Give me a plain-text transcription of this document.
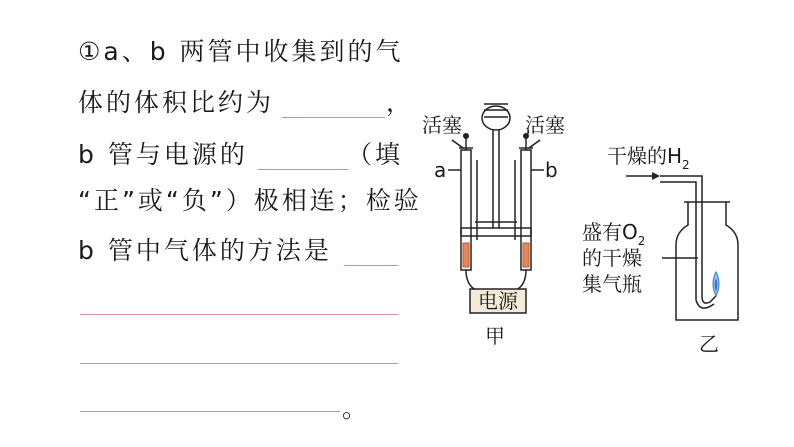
①a、b 两管中收集到的气
体的体积比约为	，
b 管与电源的	（填
“正”或“负”）极相连；检验
b 管中气体的方法是
。
活塞	活塞
a	b
电源
甲
干燥的$H_2$
盛有$O_2$
的干燥
集气瓶
乙
